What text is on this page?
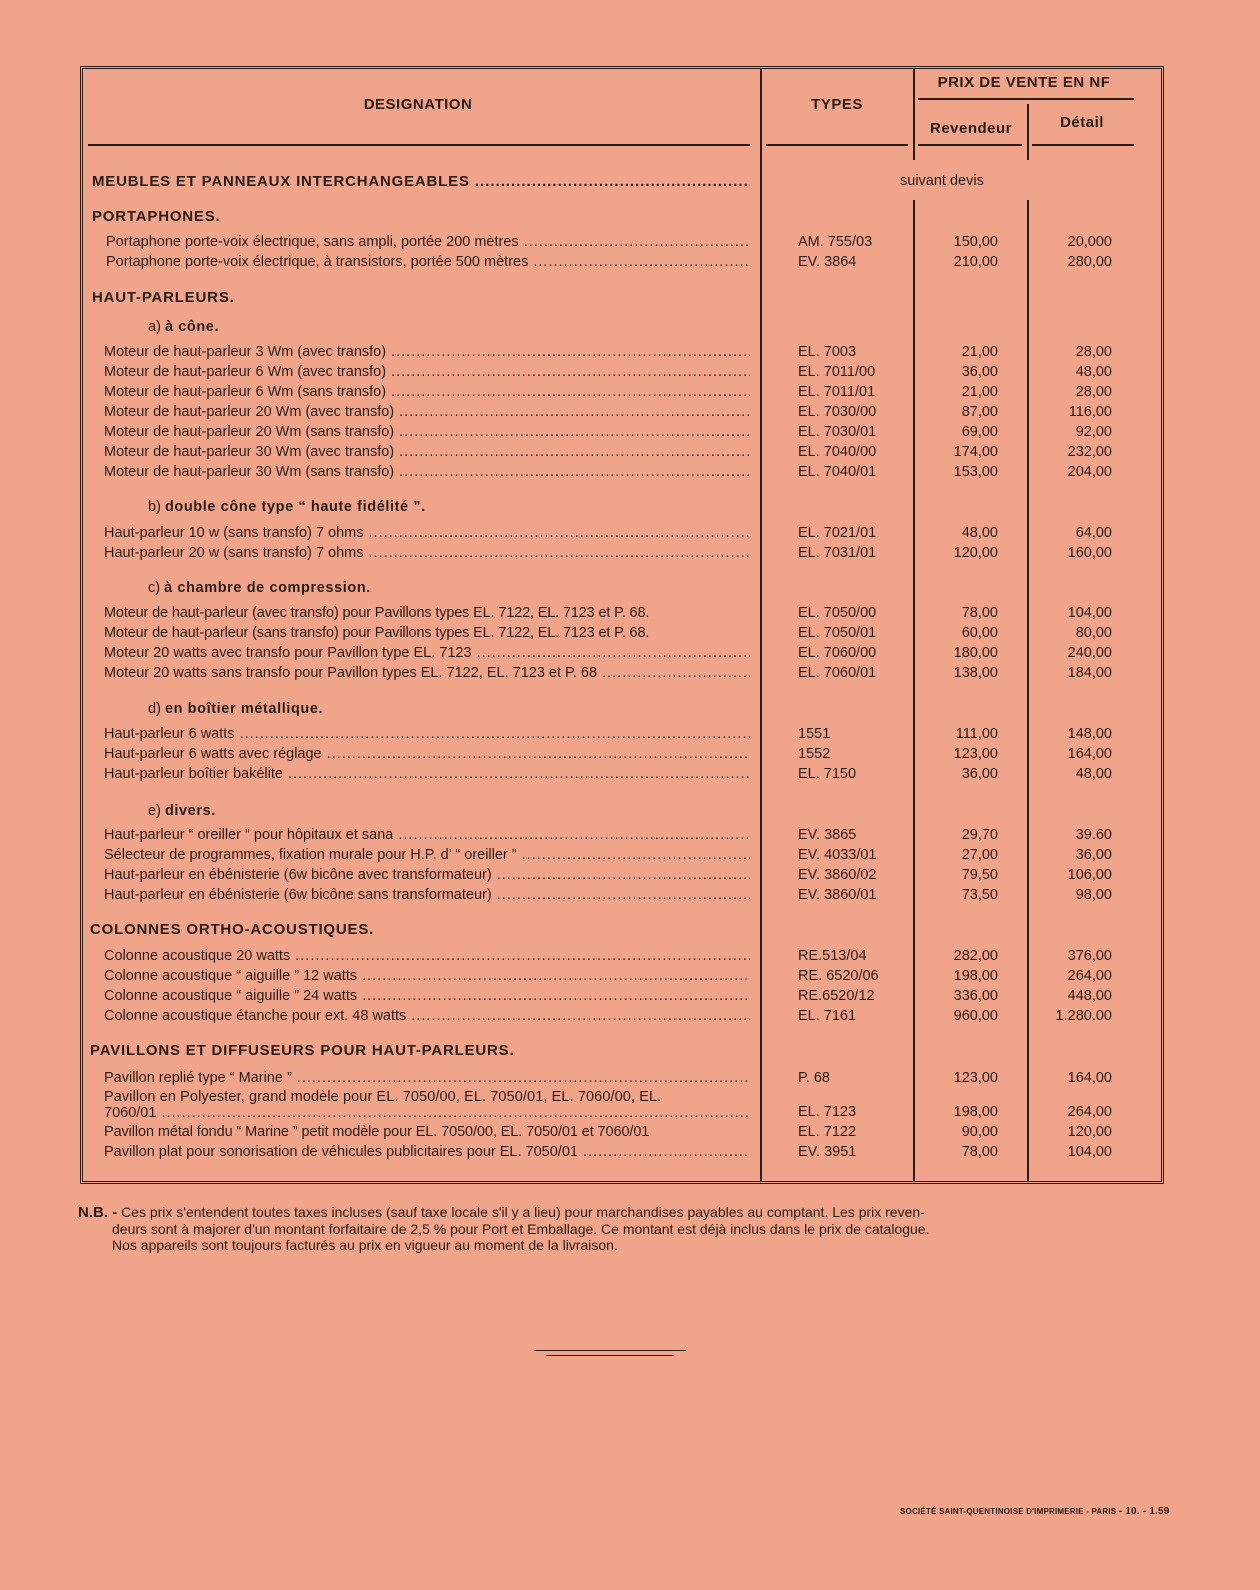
DESIGNATION	TYPES
PRIX DE VENTE EN NF
Revendeur	Détail
MEUBLES ET PANNEAUX INTERCHANGEABLES .....	suivant devis
PORTAPHONES.
Portaphone porte-voix électrique, sans ampli, portée 200 mètres .....	AM. 755/03	150,00	20,000
Portaphone porte-voix électrique, à transistors, portée 500 mètres .....	EV. 3864	210,00	280,00
HAUT-PARLEURS.
a) à cône.
Moteur de haut-parleur 3 Wm (avec transfo) .....	EL. 7003	21,00	28,00
Moteur de haut-parleur 6 Wm (avec transfo) .....	EL. 7011/00	36,00	48,00
Moteur de haut-parleur 6 Wm (sans transfo) .....	EL. 7011/01	21,00	28,00
Moteur de haut-parleur 20 Wm (avec transfo) .....	EL. 7030/00	87,00	116,00
Moteur de haut-parleur 20 Wm (sans transfo) .....	EL. 7030/01	69,00	92,00
Moteur de haut-parleur 30 Wm (avec transfo) .....	EL. 7040/00	174,00	232,00
Moteur de haut-parleur 30 Wm (sans transfo) .....	EL. 7040/01	153,00	204,00
b) double cône type “ haute fidélité ”.
Haut-parleur 10 w (sans transfo) 7 ohms .....	EL. 7021/01	48,00	64,00
Haut-parleur 20 w (sans transfo) 7 ohms .....	EL. 7031/01	120,00	160,00
c) à chambre de compression.
Moteur de haut-parleur (avec transfo) pour Pavillons types EL. 7122, EL. 7123 et P. 68.	EL. 7050/00	78,00	104,00
Moteur de haut-parleur (sans transfo) pour Pavillons types EL. 7122, EL. 7123 et P. 68.	EL. 7050/01	60,00	80,00
Moteur 20 watts avec transfo pour Pavillon type EL. 7123 .....	EL. 7060/00	180,00	240,00
Moteur 20 watts sans transfo pour Pavillon types EL. 7122, EL. 7123 et P. 68 .....	EL. 7060/01	138,00	184,00
d) en boîtier métallique.
Haut-parleur 6 watts .....	1551	111,00	148,00
Haut-parleur 6 watts avec réglage .....	1552	123,00	164,00
Haut-parleur boîtier bakélite .....	EL. 7150	36,00	48,00
e) divers.
Haut-parleur “ oreiller ” pour hôpitaux et sana .....	EV. 3865	29,70	39.60
Sélecteur de programmes, fixation murale pour H.P. d’ “ oreiller ” .....	EV. 4033/01	27,00	36,00
Haut-parleur en ébénisterie (6w bicône avec transformateur) .....	EV. 3860/02	79,50	106,00
Haut-parleur en ébénisterie (6w bicône sans transformateur) .....	EV. 3860/01	73,50	98,00
COLONNES ORTHO-ACOUSTIQUES.
Colonne acoustique 20 watts .....	RE.513/04	282,00	376,00
Colonne acoustique “ aiguille ” 12 watts .....	RE. 6520/06	198,00	264,00
Colonne acoustique “ aiguille ” 24 watts .....	RE.6520/12	336,00	448,00
Colonne acoustique étanche pour ext. 48 watts .....	EL. 7161	960,00	1.280.00
PAVILLONS ET DIFFUSEURS POUR HAUT-PARLEURS.
Pavillon replié type “ Marine ” .....	P. 68	123,00	164,00
Pavillon en Polyester, grand modèle pour EL. 7050/00, EL. 7050/01, EL. 7060/00, EL.
7060/01 .....	EL. 7123	198,00	264,00
Pavillon métal fondu “ Marine ” petit modèle pour EL. 7050/00, EL. 7050/01 et 7060/01	EL. 7122	90,00	120,00
Pavillon plat pour sonorisation de véhicules publicitaires pour EL. 7050/01 .....	EV. 3951	78,00	104,00
N.B. - Ces prix s'entendent toutes taxes incluses (sauf taxe locale s'il y a lieu) pour marchandises payables au comptant. Les prix reven-
deurs sont à majorer d'un montant forfaitaire de 2,5 % pour Port et Emballage. Ce montant est déjà inclus dans le prix de catalogue.
Nos appareils sont toujours facturés au prix en vigueur au moment de la livraison.
SOCIÉTÉ SAINT-QUENTINOISE D'IMPRIMERIE - PARIS - 10. - 1.59
